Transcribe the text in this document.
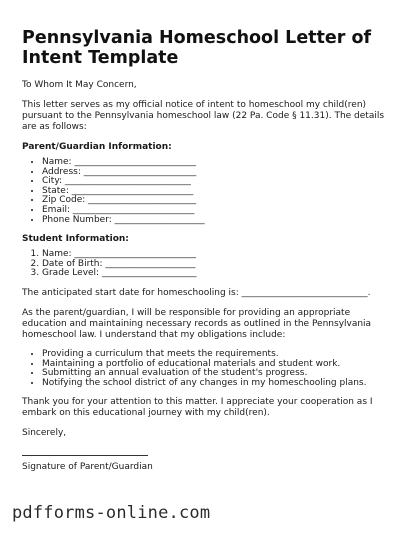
Pennsylvania Homeschool Letter of Intent Template

To Whom It May Concern,

This letter serves as my official notice of intent to homeschool my child(ren) pursuant to the Pennsylvania homeschool law (22 Pa. Code § 11.31). The details are as follows:

Parent/Guardian Information:
• Name: ___________________________
• Address: _________________________
• City: ____________________________
• State: ___________________________
• Zip Code: ________________________
• Email: ___________________________
• Phone Number: ____________________
Student Information:
1. Name: ___________________________
2. Date of Birth: ____________________
3. Grade Level: _____________________

The anticipated start date for homeschooling is: ____________________________.

As the parent/guardian, I will be responsible for providing an appropriate education and maintaining necessary records as outlined in the Pennsylvania homeschool law. I understand that my obligations include:

• Providing a curriculum that meets the requirements.
• Maintaining a portfolio of educational materials and student work.
• Submitting an annual evaluation of the student's progress.
• Notifying the school district of any changes in my homeschooling plans.

Thank you for your attention to this matter. I appreciate your cooperation as I embark on this educational journey with my child(ren).

Sincerely,

Signature of Parent/Guardian

pdfforms-online.com
